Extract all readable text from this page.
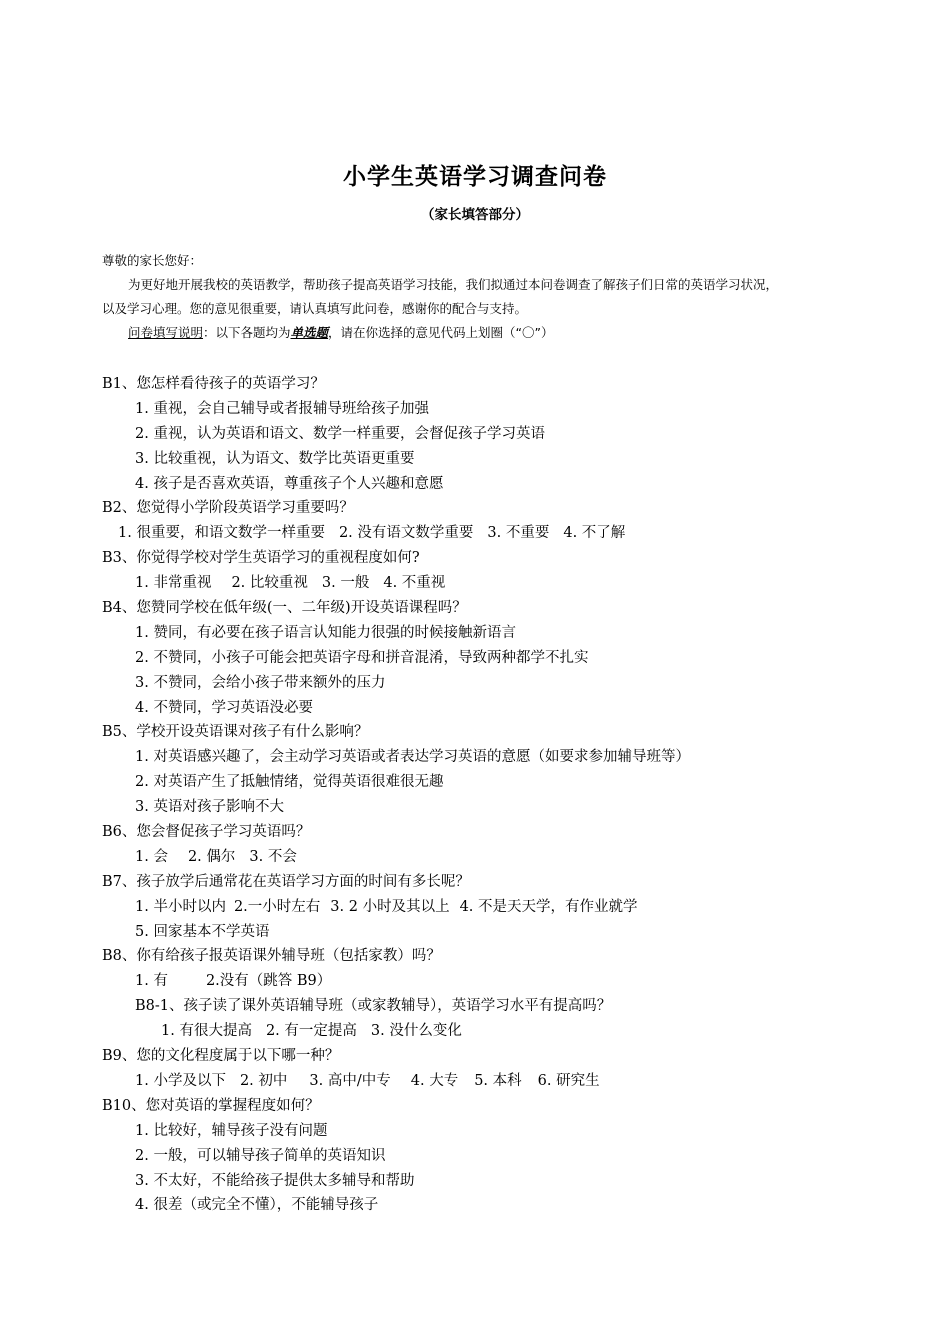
小学生英语学习调查问卷
（家长填答部分）

尊敬的家长您好：

为更好地开展我校的英语教学，帮助孩子提高英语学习技能，我们拟通过本问卷调查了解孩子们日常的英语学习状况，

以及学习心理。您的意见很重要，请认真填写此问卷，感谢你的配合与支持。

问卷填写说明：以下各题均为单选题，请在你选择的意见代码上划圈（“〇”）

B1、您怎样看待孩子的英语学习？
1. 重视，会自己辅导或者报辅导班给孩子加强
2. 重视，认为英语和语文、数学一样重要，会督促孩子学习英语
3. 比较重视，认为语文、数学比英语更重要
4. 孩子是否喜欢英语，尊重孩子个人兴趣和意愿
B2、您觉得小学阶段英语学习重要吗？
1. 很重要，和语文数学一样重要 2. 没有语文数学重要 3. 不重要 4. 不了解
B3、你觉得学校对学生英语学习的重视程度如何?
1. 非常重视 2. 比较重视 3. 一般 4. 不重视
B4、您赞同学校在低年级(一、二年级)开设英语课程吗？
1. 赞同，有必要在孩子语言认知能力很强的时候接触新语言
2. 不赞同，小孩子可能会把英语字母和拼音混淆，导致两种都学不扎实
3. 不赞同，会给小孩子带来额外的压力
4. 不赞同，学习英语没必要
B5、学校开设英语课对孩子有什么影响？
1. 对英语感兴趣了，会主动学习英语或者表达学习英语的意愿（如要求参加辅导班等）
2. 对英语产生了抵触情绪，觉得英语很难很无趣
3. 英语对孩子影响不大
B6、您会督促孩子学习英语吗？
1. 会 2. 偶尔 3. 不会
B7、孩子放学后通常花在英语学习方面的时间有多长呢？
1. 半小时以内 2.一小时左右 3. 2 小时及其以上 4. 不是天天学，有作业就学
5. 回家基本不学英语
B8、你有给孩子报英语课外辅导班（包括家教）吗？
1. 有	2.没有（跳答 B9）
B8-1、孩子读了课外英语辅导班（或家教辅导），英语学习水平有提高吗？
1. 有很大提高 2. 有一定提高 3. 没什么变化
B9、您的文化程度属于以下哪一种？
1. 小学及以下 2. 初中 3. 高中/中专 4. 大专 5. 本科 6. 研究生
B10、您对英语的掌握程度如何？
1. 比较好，辅导孩子没有问题
2. 一般，可以辅导孩子简单的英语知识
3. 不太好，不能给孩子提供太多辅导和帮助
4. 很差（或完全不懂），不能辅导孩子
